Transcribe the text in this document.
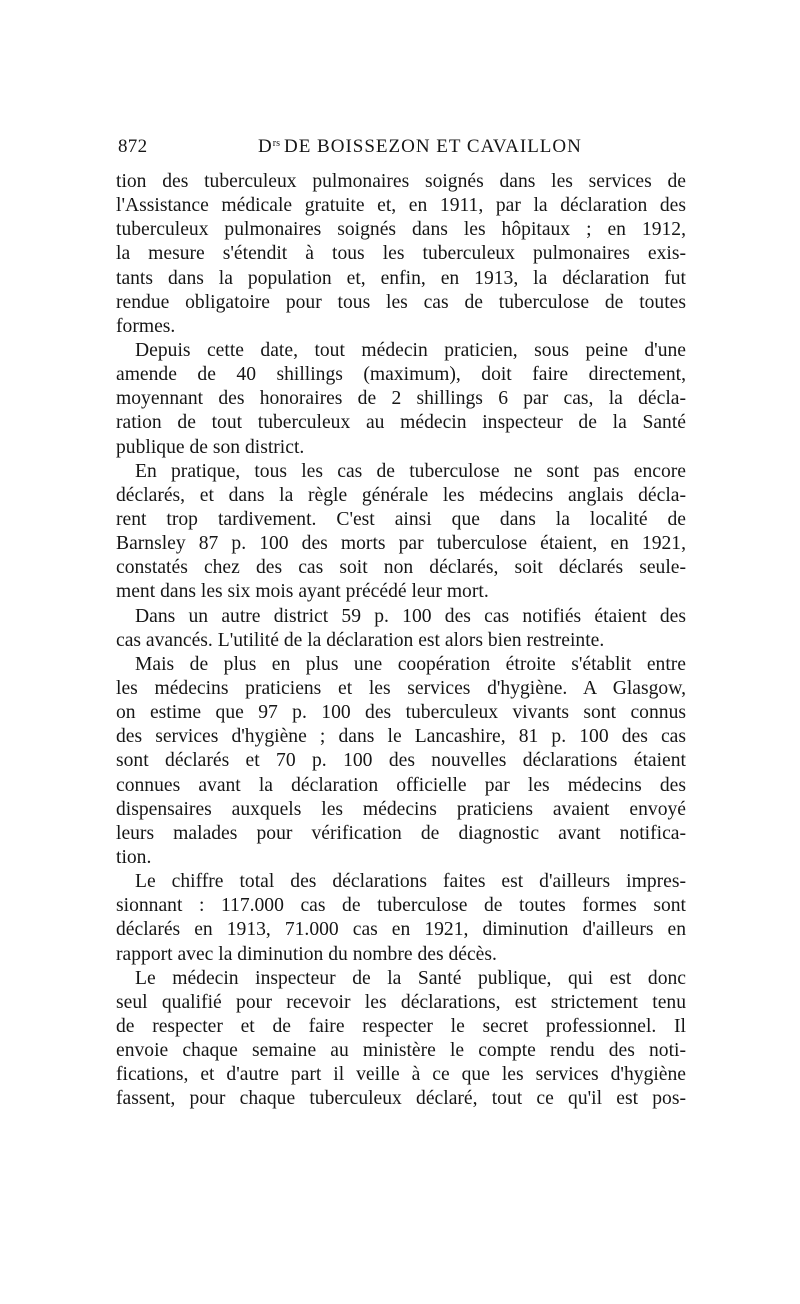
872	$D^{rs}$ DE BOISSEZON ET CAVAILLON
tion des tuberculeux pulmonaires soignés dans les services de
l'Assistance médicale gratuite et, en 1911, par la déclaration des
tuberculeux pulmonaires soignés dans les hôpitaux ; en 1912,
la mesure s'étendit à tous les tuberculeux pulmonaires exis-
tants dans la population et, enfin, en 1913, la déclaration fut
rendue obligatoire pour tous les cas de tuberculose de toutes
formes.
Depuis cette date, tout médecin praticien, sous peine d'une
amende de 40 shillings (maximum), doit faire directement,
moyennant des honoraires de 2 shillings 6 par cas, la décla-
ration de tout tuberculeux au médecin inspecteur de la Santé
publique de son district.
En pratique, tous les cas de tuberculose ne sont pas encore
déclarés, et dans la règle générale les médecins anglais décla-
rent trop tardivement. C'est ainsi que dans la localité de
Barnsley 87 p. 100 des morts par tuberculose étaient, en 1921,
constatés chez des cas soit non déclarés, soit déclarés seule-
ment dans les six mois ayant précédé leur mort.
Dans un autre district 59 p. 100 des cas notifiés étaient des
cas avancés. L'utilité de la déclaration est alors bien restreinte.
Mais de plus en plus une coopération étroite s'établit entre
les médecins praticiens et les services d'hygiène. A Glasgow,
on estime que 97 p. 100 des tuberculeux vivants sont connus
des services d'hygiène ; dans le Lancashire, 81 p. 100 des cas
sont déclarés et 70 p. 100 des nouvelles déclarations étaient
connues avant la déclaration officielle par les médecins des
dispensaires auxquels les médecins praticiens avaient envoyé
leurs malades pour vérification de diagnostic avant notifica-
tion.
Le chiffre total des déclarations faites est d'ailleurs impres-
sionnant : 117.000 cas de tuberculose de toutes formes sont
déclarés en 1913, 71.000 cas en 1921, diminution d'ailleurs en
rapport avec la diminution du nombre des décès.
Le médecin inspecteur de la Santé publique, qui est donc
seul qualifié pour recevoir les déclarations, est strictement tenu
de respecter et de faire respecter le secret professionnel. Il
envoie chaque semaine au ministère le compte rendu des noti-
fications, et d'autre part il veille à ce que les services d'hygiène
fassent, pour chaque tuberculeux déclaré, tout ce qu'il est pos-
